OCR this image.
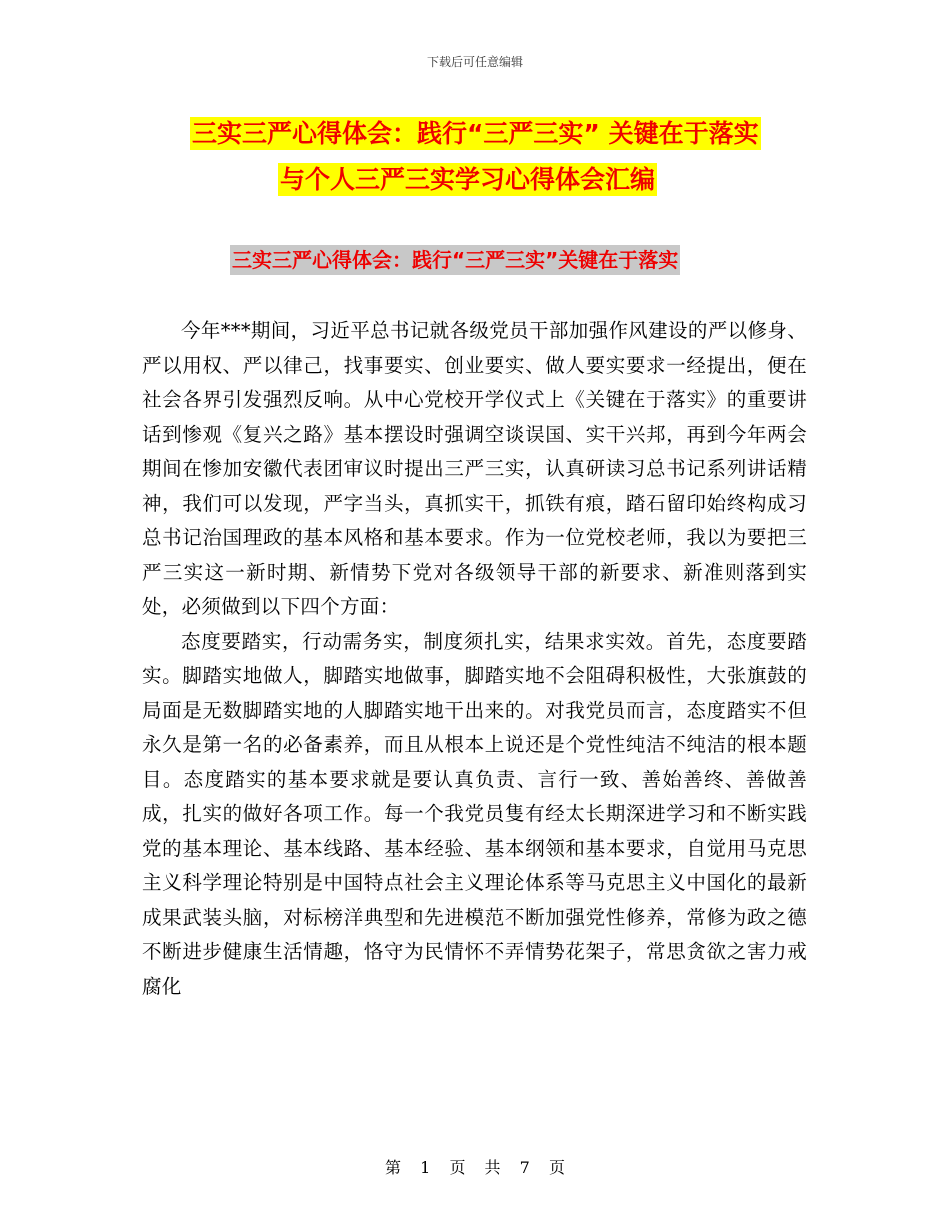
下载后可任意编辑
三实三严心得体会：践行“三严三实” 关键在于落实
与个人三严三实学习心得体会汇编
三实三严心得体会：践行“三严三实”关键在于落实

今年***期间，习近平总书记就各级党员干部加强作风建设的严以修身、严以用权、严以律己，找事要实、创业要实、做人要实要求一经提出，便在社会各界引发强烈反响。从中心党校开学仪式上《关键在于落实》的重要讲话到惨观《复兴之路》基本摆设时强调空谈误国、实干兴邦，再到今年两会期间在惨加安徽代表团审议时提出三严三实，认真研读习总书记系列讲话精神，我们可以发现，严字当头，真抓实干，抓铁有痕，踏石留印始终构成习总书记治国理政的基本风格和基本要求。作为一位党校老师，我以为要把三严三实这一新时期、新情势下党对各级领导干部的新要求、新准则落到实处，必须做到以下四个方面：

态度要踏实，行动需务实，制度须扎实，结果求实效。首先，态度要踏实。脚踏实地做人，脚踏实地做事，脚踏实地不会阻碍积极性，大张旗鼓的局面是无数脚踏实地的人脚踏实地干出来的。对我党员而言，态度踏实不但永久是第一名的必备素养，而且从根本上说还是个党性纯洁不纯洁的根本题目。态度踏实的基本要求就是要认真负责、言行一致、善始善终、善做善成，扎实的做好各项工作。每一个我党员隻有经太长期深进学习和不断实践党的基本理论、基本线路、基本经验、基本纲领和基本要求，自觉用马克思主义科学理论特别是中国特点社会主义理论体系等马克思主义中国化的最新成果武装头脑，对标榜洋典型和先进模范不断加强党性修养，常修为政之德不断进步健康生活情趣，恪守为民情怀不弄情势花架子，常思贪欲之害力戒腐化

第 1 页 共 7 页
